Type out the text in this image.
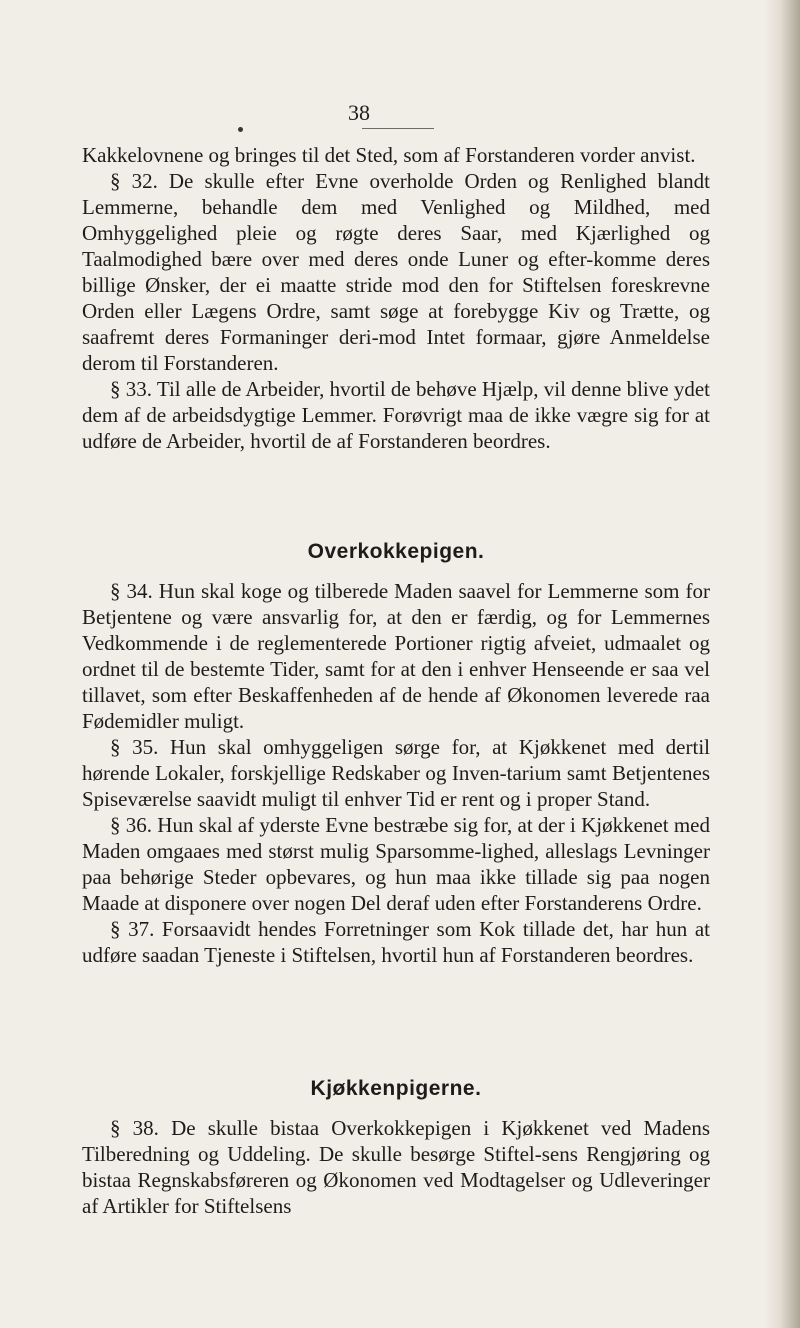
38

Kakkelovnene og bringes til det Sted, som af Forstanderen vorder anvist.

§ 32. De skulle efter Evne overholde Orden og Renlighed blandt Lemmerne, behandle dem med Venlighed og Mildhed, med Omhyggelighed pleie og røgte deres Saar, med Kjærlighed og Taalmodighed bære over med deres onde Luner og efter-komme deres billige Ønsker, der ei maatte stride mod den for Stiftelsen foreskrevne Orden eller Lægens Ordre, samt søge at forebygge Kiv og Trætte, og saafremt deres Formaninger deri-mod Intet formaar, gjøre Anmeldelse derom til Forstanderen.

§ 33. Til alle de Arbeider, hvortil de behøve Hjælp, vil denne blive ydet dem af de arbeidsdygtige Lemmer. Forøvrigt maa de ikke vægre sig for at udføre de Arbeider, hvortil de af Forstanderen beordres.

Overkokkepigen.

§ 34. Hun skal koge og tilberede Maden saavel for Lemmerne som for Betjentene og være ansvarlig for, at den er færdig, og for Lemmernes Vedkommende i de reglementerede Portioner rigtig afveiet, udmaalet og ordnet til de bestemte Tider, samt for at den i enhver Henseende er saa vel tillavet, som efter Beskaffenheden af de hende af Økonomen leverede raa Fødemidler muligt.

§ 35. Hun skal omhyggeligen sørge for, at Kjøkkenet med dertil hørende Lokaler, forskjellige Redskaber og Inven-tarium samt Betjentenes Spiseværelse saavidt muligt til enhver Tid er rent og i proper Stand.

§ 36. Hun skal af yderste Evne bestræbe sig for, at der i Kjøkkenet med Maden omgaaes med størst mulig Sparsomme-lighed, alleslags Levninger paa behørige Steder opbevares, og hun maa ikke tillade sig paa nogen Maade at disponere over nogen Del deraf uden efter Forstanderens Ordre.

§ 37. Forsaavidt hendes Forretninger som Kok tillade det, har hun at udføre saadan Tjeneste i Stiftelsen, hvortil hun af Forstanderen beordres.

Kjøkkenpigerne.

§ 38. De skulle bistaa Overkokkepigen i Kjøkkenet ved Madens Tilberedning og Uddeling. De skulle besørge Stiftel-sens Rengjøring og bistaa Regnskabsføreren og Økonomen ved Modtagelser og Udleveringer af Artikler for Stiftelsens
